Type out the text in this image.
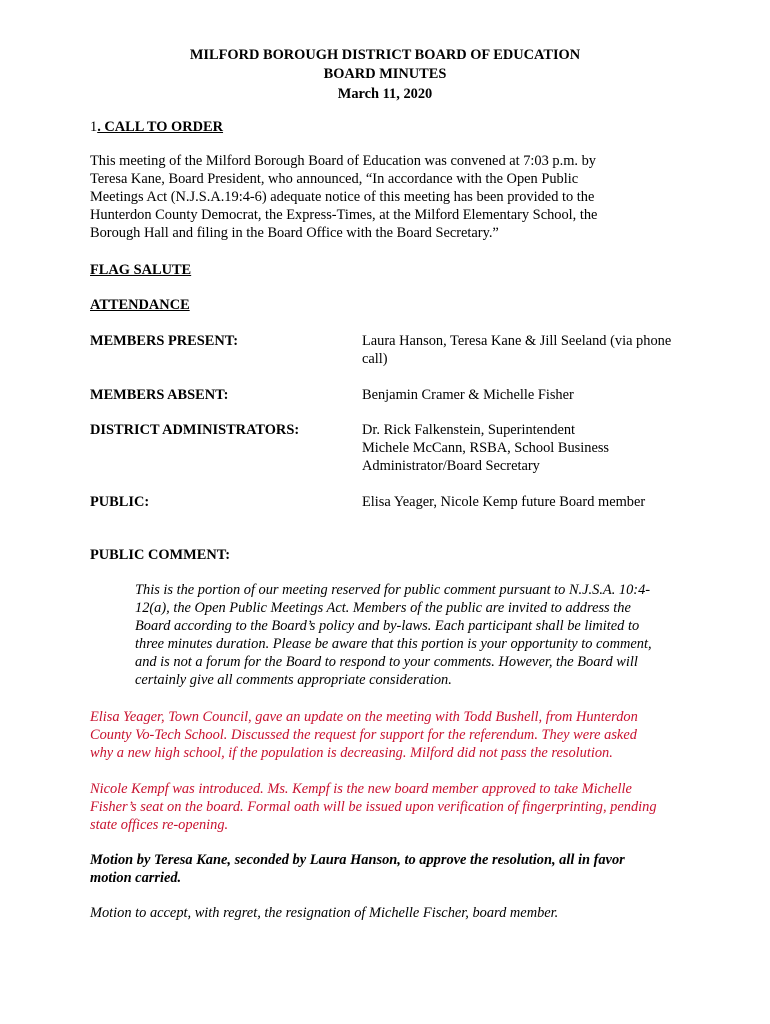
MILFORD BOROUGH DISTRICT BOARD OF EDUCATION
BOARD MINUTES
March 11, 2020
1. CALL TO ORDER
This meeting of the Milford Borough Board of Education was convened at 7:03 p.m. by
Teresa Kane, Board President, who announced, “In accordance with the Open Public
Meetings Act (N.J.S.A.19:4-6) adequate notice of this meeting has been provided to the
Hunterdon County Democrat, the Express-Times, at the Milford Elementary School, the
Borough Hall and filing in the Board Office with the Board Secretary.”
FLAG SALUTE
ATTENDANCE
MEMBERS PRESENT:	Laura Hanson, Teresa Kane & Jill Seeland (via phone
call)
MEMBERS ABSENT:	Benjamin Cramer & Michelle Fisher
DISTRICT ADMINISTRATORS:	Dr. Rick Falkenstein, Superintendent
Michele McCann, RSBA, School Business
Administrator/Board Secretary
PUBLIC:	Elisa Yeager, Nicole Kemp future Board member
PUBLIC COMMENT:
This is the portion of our meeting reserved for public comment pursuant to N.J.S.A. 10:4-
12(a), the Open Public Meetings Act. Members of the public are invited to address the
Board according to the Board’s policy and by-laws. Each participant shall be limited to
three minutes duration. Please be aware that this portion is your opportunity to comment,
and is not a forum for the Board to respond to your comments. However, the Board will
certainly give all comments appropriate consideration.
Elisa Yeager, Town Council, gave an update on the meeting with Todd Bushell, from Hunterdon
County Vo-Tech School. Discussed the request for support for the referendum. They were asked
why a new high school, if the population is decreasing. Milford did not pass the resolution.
Nicole Kempf was introduced. Ms. Kempf is the new board member approved to take Michelle
Fisher’s seat on the board. Formal oath will be issued upon verification of fingerprinting, pending
state offices re-opening.
Motion by Teresa Kane, seconded by Laura Hanson, to approve the resolution, all in favor
motion carried.
Motion to accept, with regret, the resignation of Michelle Fischer, board member.
